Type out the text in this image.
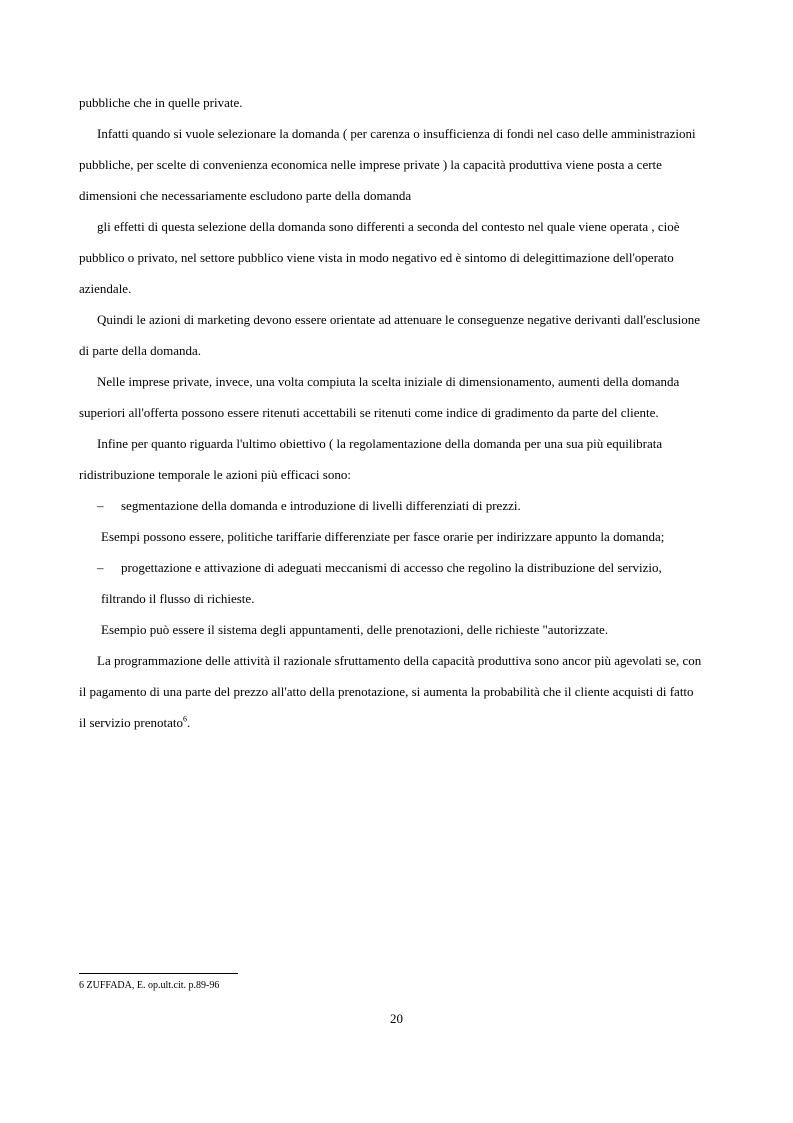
pubbliche che in quelle private.
Infatti quando si vuole selezionare la domanda ( per carenza o insufficienza di fondi nel caso delle amministrazioni
pubbliche, per scelte di convenienza economica nelle imprese private ) la capacità produttiva viene posta a certe
dimensioni che necessariamente escludono parte della domanda
gli effetti di questa selezione della domanda sono differenti a seconda del contesto nel quale viene operata , cioè
pubblico o privato, nel settore pubblico viene vista in modo negativo ed è sintomo di delegittimazione dell'operato
aziendale.
Quindi le azioni di marketing devono essere orientate ad attenuare le conseguenze negative derivanti dall'esclusione
di parte della domanda.
Nelle imprese private, invece, una volta compiuta la scelta iniziale di dimensionamento, aumenti della domanda
superiori all'offerta possono essere ritenuti accettabili se ritenuti come indice di gradimento da parte del cliente.
Infine per quanto riguarda l'ultimo obiettivo ( la regolamentazione della domanda per una sua più equilibrata
ridistribuzione temporale le azioni più efficaci sono:
– segmentazione della domanda e introduzione di livelli differenziati di prezzi.
Esempi possono essere, politiche tariffarie differenziate per fasce orarie per indirizzare appunto la domanda;
– progettazione e attivazione di adeguati meccanismi di accesso che regolino la distribuzione del servizio,
filtrando il flusso di richieste.
Esempio può essere il sistema degli appuntamenti, delle prenotazioni, delle richieste "autorizzate.
La programmazione delle attività il razionale sfruttamento della capacità produttiva sono ancor più agevolati se, con
il pagamento di una parte del prezzo all'atto della prenotazione, si aumenta la probabilità che il cliente acquisti di fatto
il servizio prenotato$^6$.
6 ZUFFADA, E. op.ult.cit. p.89-96
20
